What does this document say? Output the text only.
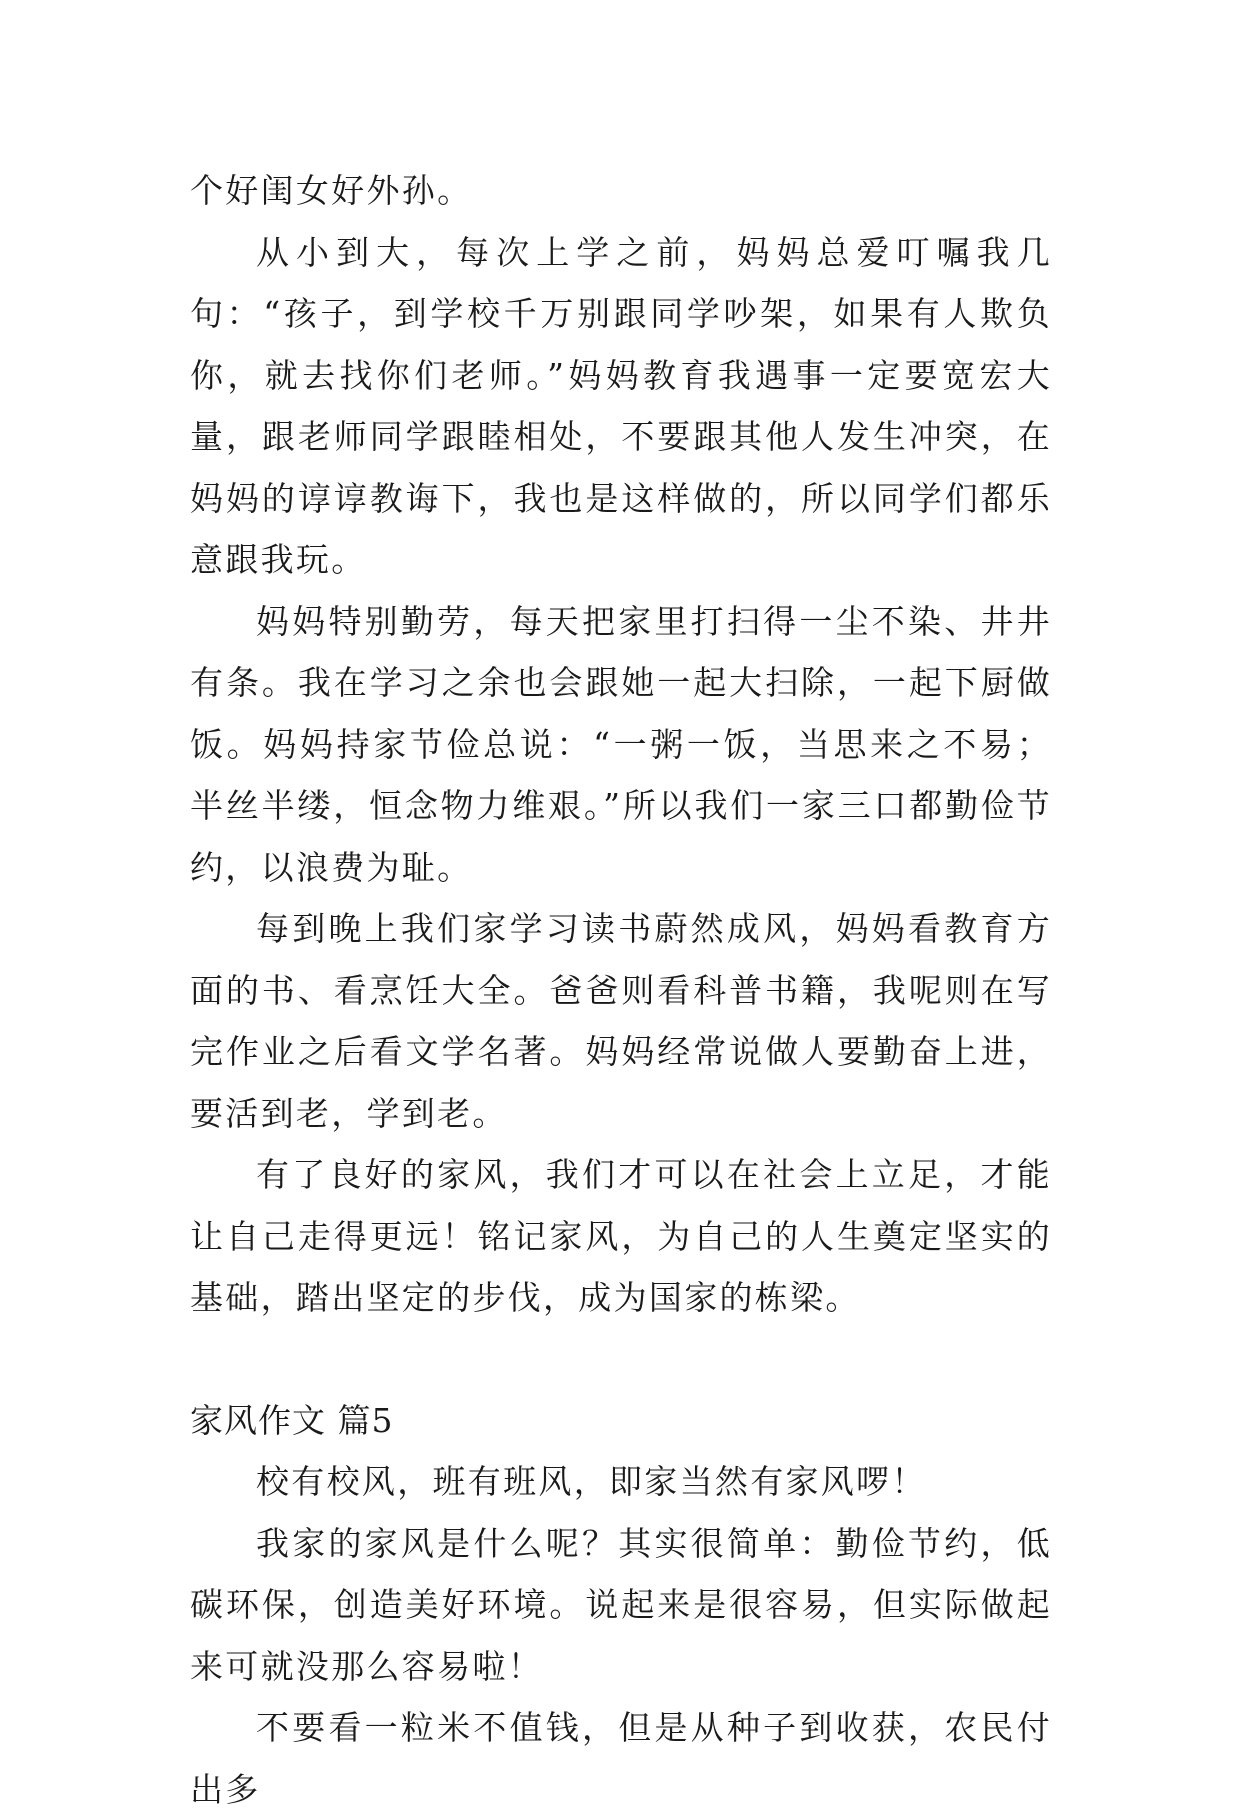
个好闺女好外孙。

从小到大，每次上学之前，妈妈总爱叮嘱我几句：“孩子，到学校千万别跟同学吵架，如果有人欺负你，就去找你们老师。”妈妈教育我遇事一定要宽宏大量，跟老师同学跟睦相处，不要跟其他人发生冲突，在妈妈的谆谆教诲下，我也是这样做的，所以同学们都乐意跟我玩。

妈妈特别勤劳，每天把家里打扫得一尘不染、井井有条。我在学习之余也会跟她一起大扫除，一起下厨做饭。妈妈持家节俭总说：“一粥一饭，当思来之不易；半丝半缕，恒念物力维艰。”所以我们一家三口都勤俭节约，以浪费为耻。

每到晚上我们家学习读书蔚然成风，妈妈看教育方面的书、看烹饪大全。爸爸则看科普书籍，我呢则在写完作业之后看文学名著。妈妈经常说做人要勤奋上进，要活到老，学到老。

有了良好的家风，我们才可以在社会上立足，才能让自己走得更远！铭记家风，为自己的人生奠定坚实的基础，踏出坚定的步伐，成为国家的栋梁。

家风作文 篇5

校有校风，班有班风，即家当然有家风啰！

我家的家风是什么呢？其实很简单：勤俭节约，低碳环保，创造美好环境。说起来是很容易，但实际做起来可就没那么容易啦！

不要看一粒米不值钱，但是从种子到收获，农民付出多
